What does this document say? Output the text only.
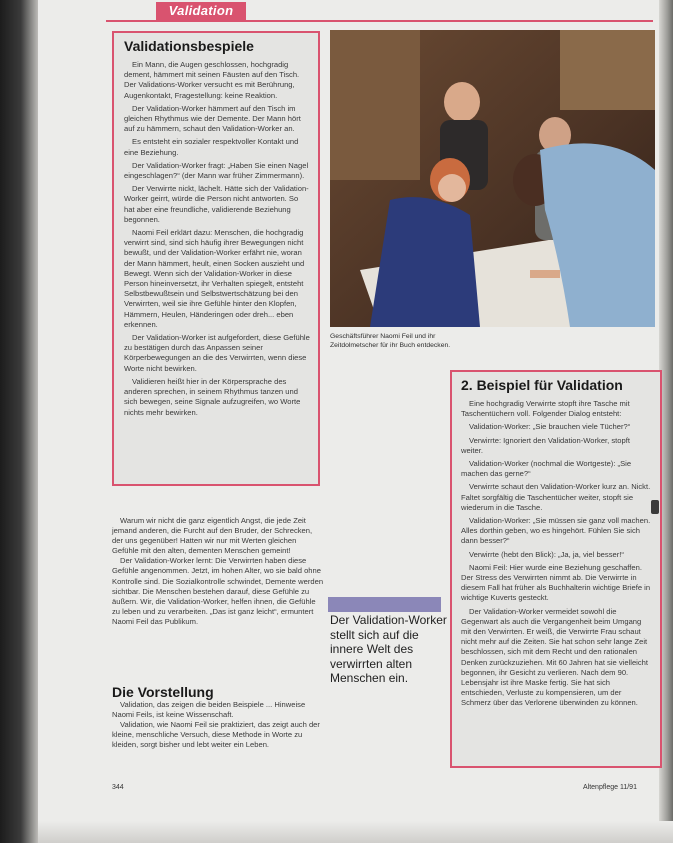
Validation
Validationsbespiele

Ein Mann, die Augen geschlossen, hochgradig dement, hämmert mit seinen Fäusten auf den Tisch. Der Validations-Worker versucht es mit Berührung, Augenkontakt, Fragestellung: keine Reaktion.

Der Validation-Worker hämmert auf den Tisch im gleichen Rhythmus wie der Demente. Der Mann hört auf zu hämmern, schaut den Validation-Worker an.

Es entsteht ein sozialer respektvoller Kontakt und eine Beziehung.

Der Validation-Worker fragt: „Haben Sie einen Nagel eingeschlagen?“ (der Mann war früher Zimmermann).

Der Verwirrte nickt, lächelt. Hätte sich der Validation-Worker geirrt, würde die Person nicht antworten. So hat aber eine freundliche, validierende Beziehung begonnen.

Naomi Feil erklärt dazu: Menschen, die hochgradig verwirrt sind, sind sich häufig ihrer Bewegungen nicht bewußt, und der Validation-Worker erfährt nie, woran der Mann hämmert, heult, einen Socken auszieht und Bewegt. Wenn sich der Validation-Worker in diese Person hineinversetzt, ihr Verhalten spiegelt, entsteht Selbstbewußtsein und Selbstwertschätzung bei den Verwirrten, weil sie ihre Gefühle hinter den Klopfen, Hämmern, Heulen, Händeringen oder dreh... eben erkennen.

Der Validation-Worker ist aufgefordert, diese Gefühle zu bestätigen durch das Anpassen seiner Körperbewegungen an die des Verwirrten, wenn diese Worte nicht bewirken.

Validieren heißt hier in der Körpersprache des anderen sprechen, in seinem Rhythmus tanzen und sich bewegen, seine Signale aufzugreifen, wo Worte nichts mehr bewirken.

Geschäftsführer Naomi Feil und ihr Zeitdolmetscher für ihr Buch entdecken.

Warum wir nicht die ganz eigentlich Angst, die jede Zeit jemand anderen, die Furcht auf den Bruder, der Schrecken, der uns gegenüber! Hatten wir nur mit Werten gleichen Gefühle mit den alten, dementen Menschen gemeint!

Der Validation-Worker lernt: Die Verwirrten haben diese Gefühle angenommen. Jetzt, im hohen Alter, wo sie bald ohne Kontrolle sind. Die Sozialkontrolle schwindet, Demente werden sichtbar. Die Menschen bestehen darauf, diese Gefühle zu äußern. Wir, die Validation-Worker, helfen ihnen, die Gefühle zu leben und zu verarbeiten. „Das ist ganz leicht“, ermuntert Naomi Feil das Publikum.	Der Validation-Worker stellt sich auf die innere Welt des verwirrten alten Menschen ein.
Die Vorstellung

Validation, das zeigen die beiden Beispiele ... Hinweise Naomi Feils, ist keine Wissenschaft.

Validation, wie Naomi Feil sie praktiziert, das zeigt auch der kleine, menschliche Versuch, diese Methode in Worte zu kleiden, sorgt bisher und lebt weiter ein Leben.

2. Beispiel für Validation

Eine hochgradig Verwirrte stopft ihre Tasche mit Taschentüchern voll. Folgender Dialog entsteht:

Validation-Worker: „Sie brauchen viele Tücher?“

Verwirrte: Ignoriert den Validation-Worker, stopft weiter.

Validation-Worker (nochmal die Wortgeste): „Sie machen das gerne?“

Verwirrte schaut den Validation-Worker kurz an. Nickt. Faltet sorgfältig die Taschentücher weiter, stopft sie wiederum in die Tasche.

Validation-Worker: „Sie müssen sie ganz voll machen. Alles dorthin geben, wo es hingehört. Fühlen Sie sich dann besser?“

Verwirrte (hebt den Blick): „Ja, ja, viel besser!“

Naomi Feil: Hier wurde eine Beziehung geschaffen. Der Stress des Verwirrten nimmt ab. Die Verwirrte in diesem Fall hat früher als Buchhalterin wichtige Briefe in wichtige Kuverts gesteckt.

Der Validation-Worker vermeidet sowohl die Gegenwart als auch die Vergangenheit beim Umgang mit den Verwirrten. Er weiß, die Verwirrte Frau schaut nicht mehr auf die Zeiten. Sie hat schon sehr lange Zeit beschlossen, sich mit dem Recht und den rationalen Denken zurückzuziehen. Mit 60 Jahren hat sie vielleicht begonnen, ihr Gesicht zu verlieren. Nach dem 90. Lebensjahr ist ihre Maske fertig. Sie hat sich entschieden, Verluste zu kompensieren, um der Schmerz über das Verlorene überwinden zu können.

344	Altenpflege 11/91
